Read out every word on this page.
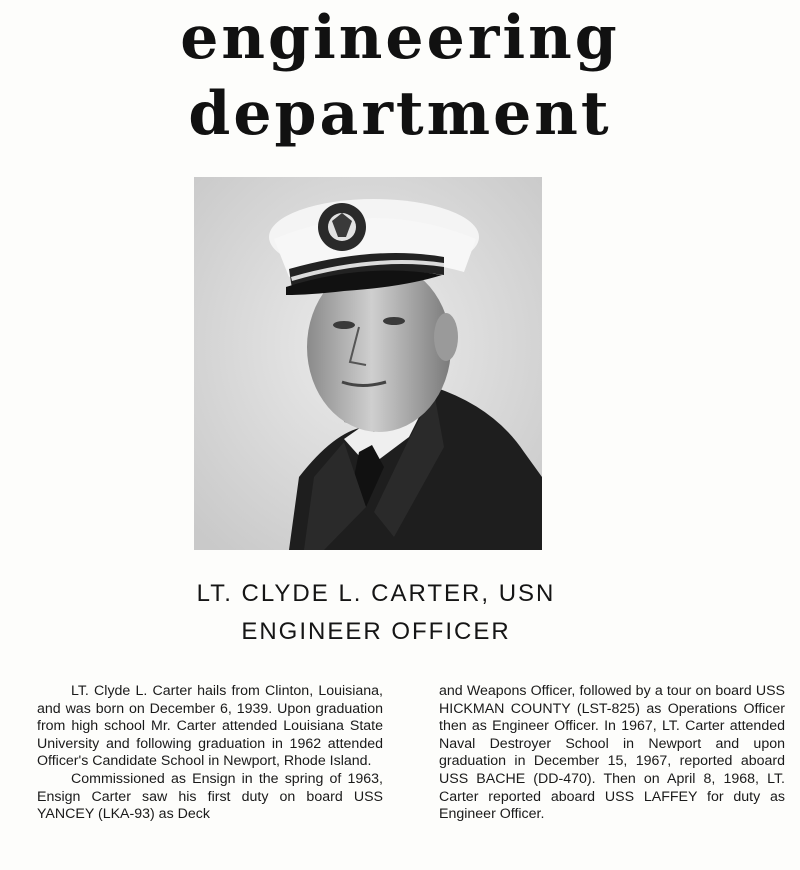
engineering
department
LT. CLYDE L. CARTER, USN
ENGINEER OFFICER

LT. Clyde L. Carter hails from Clinton, Louisiana, and was born on December 6, 1939. Upon graduation from high school Mr. Carter attended Louisiana State University and following graduation in 1962 attended Officer's Candidate School in Newport, Rhode Island.

Commissioned as Ensign in the spring of 1963, Ensign Carter saw his first duty on board USS YANCEY (LKA-93) as Deck

and Weapons Officer, followed by a tour on board USS HICKMAN COUNTY (LST-825) as Operations Officer then as Engineer Officer. In 1967, LT. Carter attended Naval Destroyer School in Newport and upon graduation in December 15, 1967, reported aboard USS BACHE (DD-470). Then on April 8, 1968, LT. Carter reported aboard USS LAFFEY for duty as Engineer Officer.
